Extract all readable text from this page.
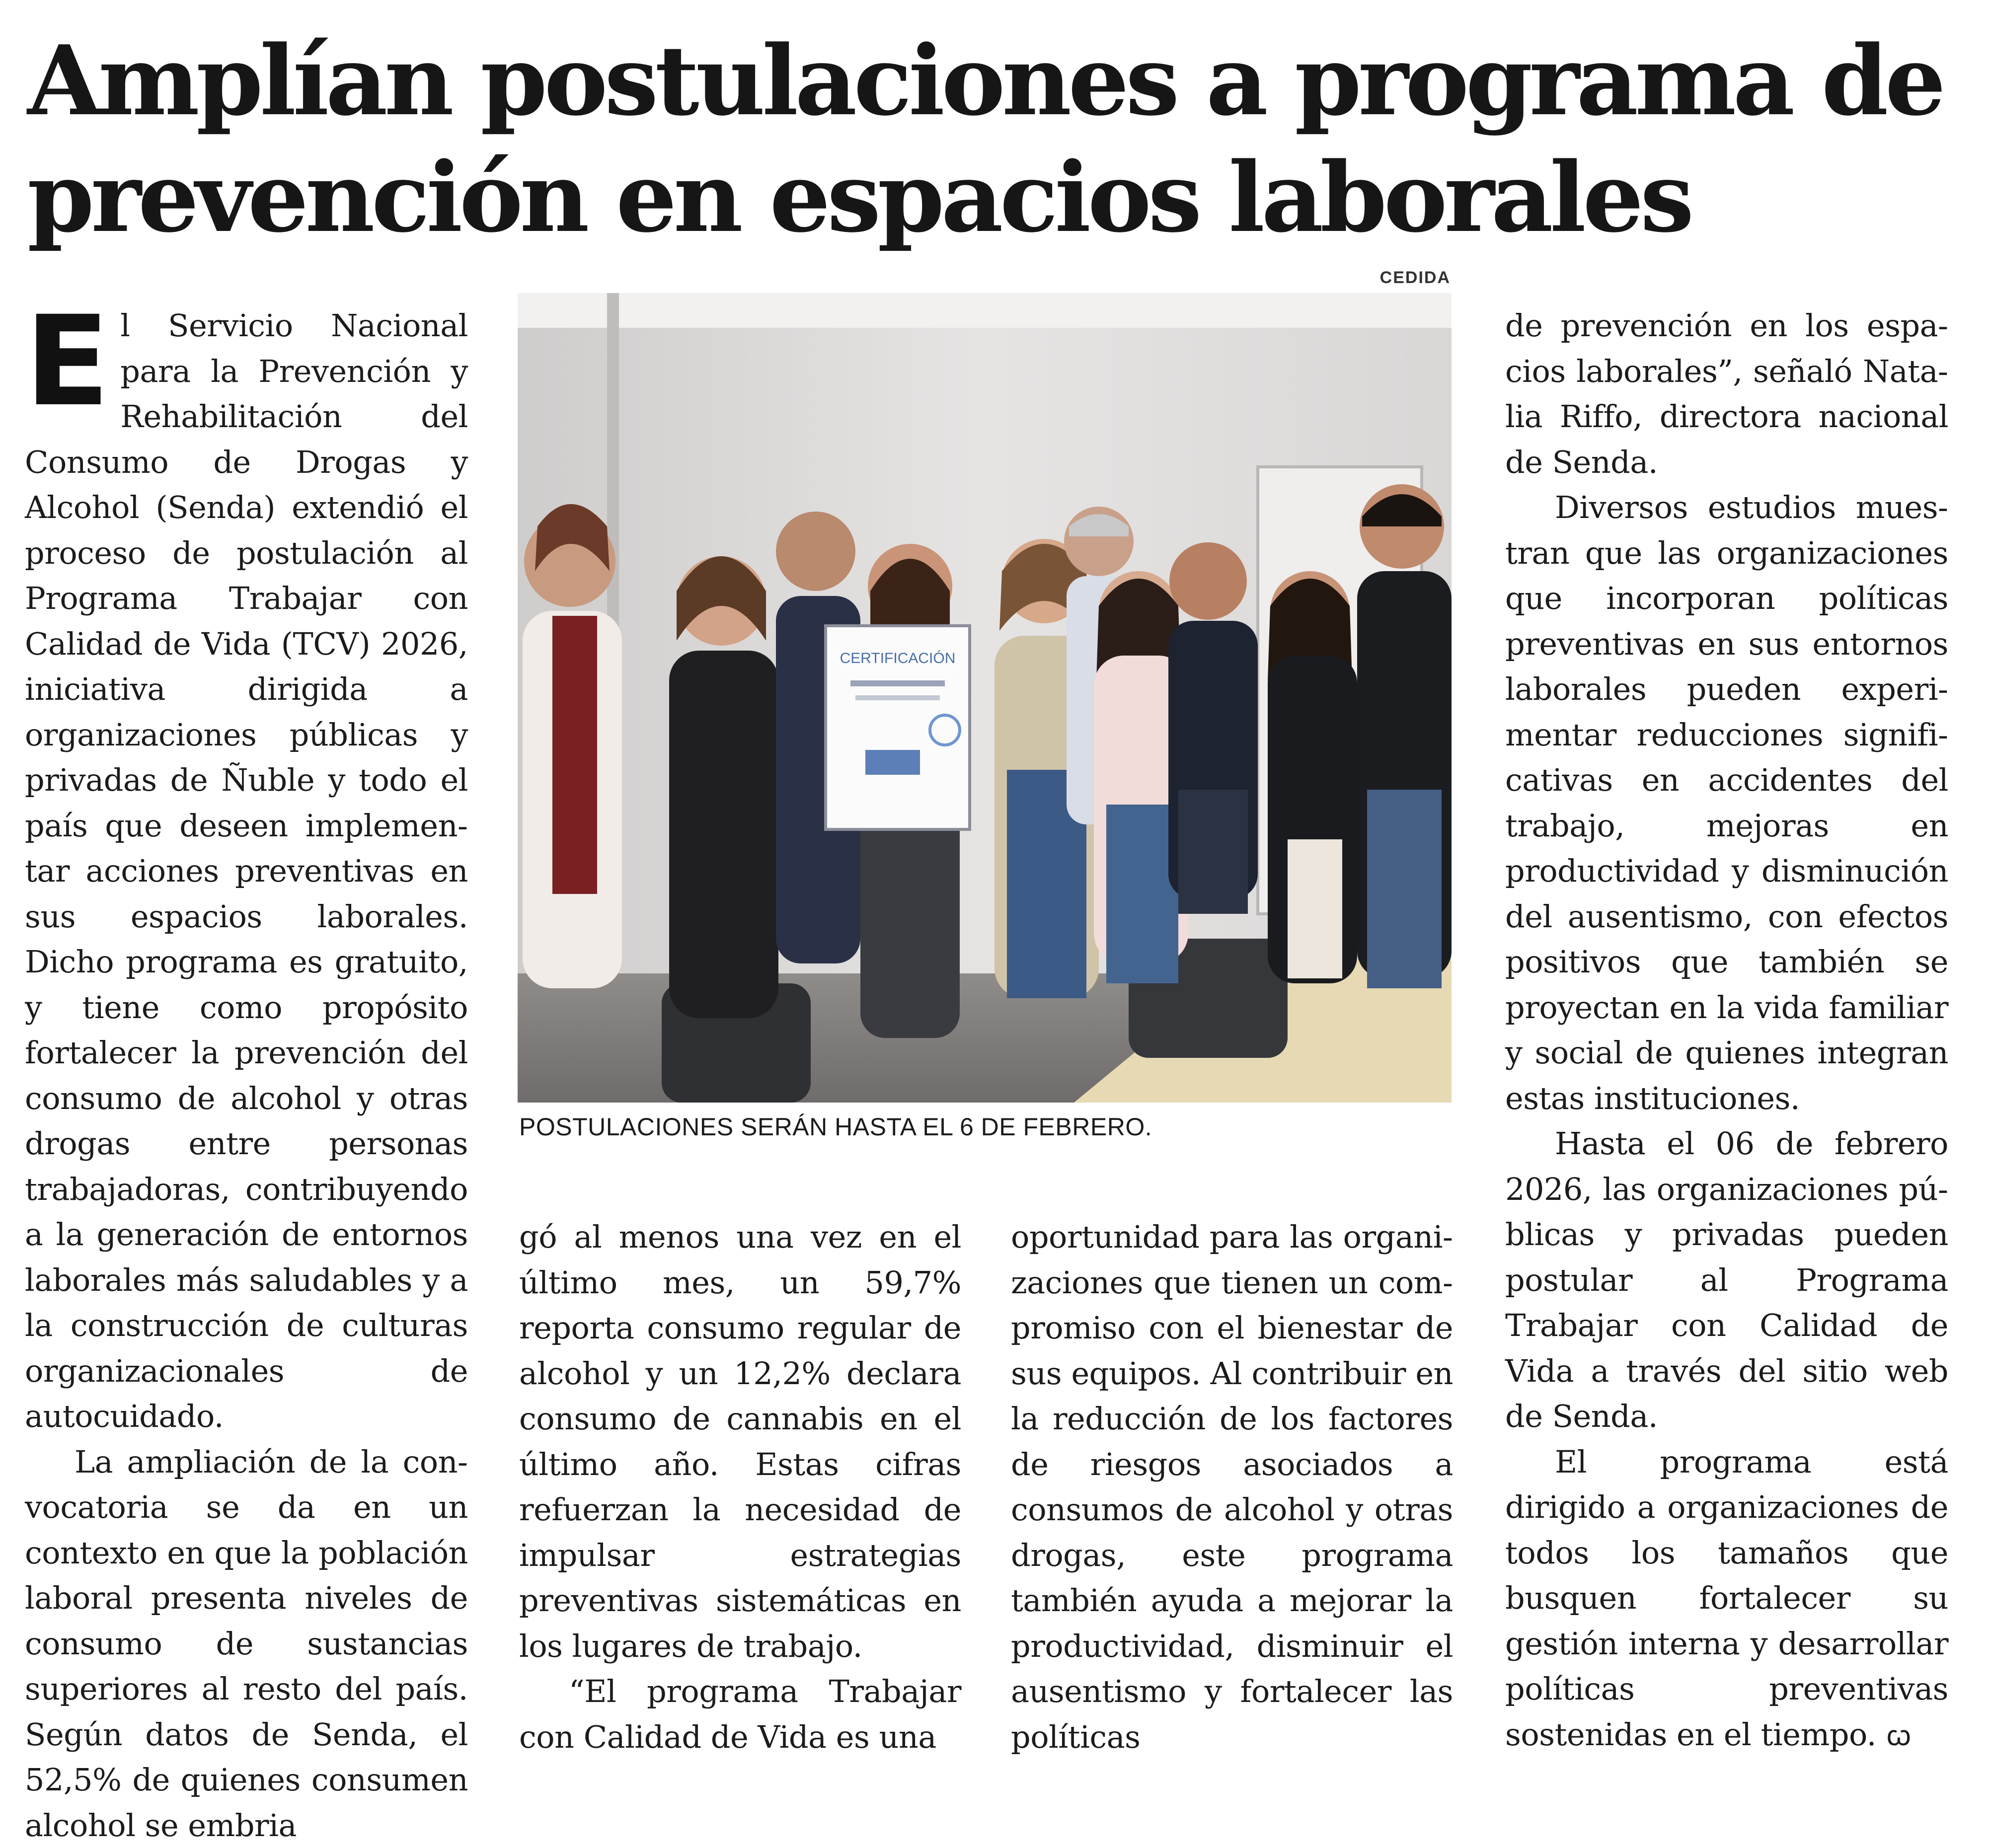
Amplían postulaciones a programa de
prevención en espacios laborales
CEDIDA
CERTIFICACIÓN
POSTULACIONES SERÁN HASTA EL 6 DE FEBRERO.
E l Servicio Nacional para la Prevención y Rehabilitación del Consumo de Drogas y Alcohol (Senda) extendió el proceso de postulación al Programa Trabajar con Calidad de Vida (TCV) 2026, iniciativa dirigida a organizaciones públicas y privadas de Ñuble y todo el país que deseen implementar acciones preventivas en sus espacios laborales. Dicho programa es gratuito, y tiene como propósito fortalecer la prevención del consumo de alcohol y otras drogas entre personas trabajadoras, contribuyendo a la generación de entornos laborales más saludables y a la construcción de culturas organizacionales de autocuidado.

La ampliación de la convocatoria se da en un contexto en que la población laboral presenta niveles de consumo de sustancias superiores al resto del país. Según datos de Senda, el 52,5% de quienes consumen alcohol se embria

gó al menos una vez en el último mes, un 59,7% reporta consumo regular de alcohol y un 12,2% declara consumo de cannabis en el último año. Estas cifras refuerzan la necesidad de impulsar estrategias preventivas sistemáticas en los lugares de trabajo.

“El programa Trabajar con Calidad de Vida es una

oportunidad para las organizaciones que tienen un compromiso con el bienestar de sus equipos. Al contribuir en la reducción de los factores de riesgos asociados a consumos de alcohol y otras drogas, este programa también ayuda a mejorar la productividad, disminuir el ausentismo y fortalecer las políticas

de prevención en los espacios laborales”, señaló Natalia Riffo, directora nacional de Senda.

Diversos estudios muestran que las organizaciones que incorporan políticas preventivas en sus entornos laborales pueden experimentar reducciones significativas en accidentes del trabajo, mejoras en productividad y disminución del ausentismo, con efectos positivos que también se proyectan en la vida familiar y social de quienes integran estas instituciones.

Hasta el 06 de febrero 2026, las organizaciones públicas y privadas pueden postular al Programa Trabajar con Calidad de Vida a través del sitio web de Senda.

El programa está dirigido a organizaciones de todos los tamaños que busquen fortalecer su gestión interna y desarrollar políticas preventivas sostenidas en el tiempo. ꞷ
